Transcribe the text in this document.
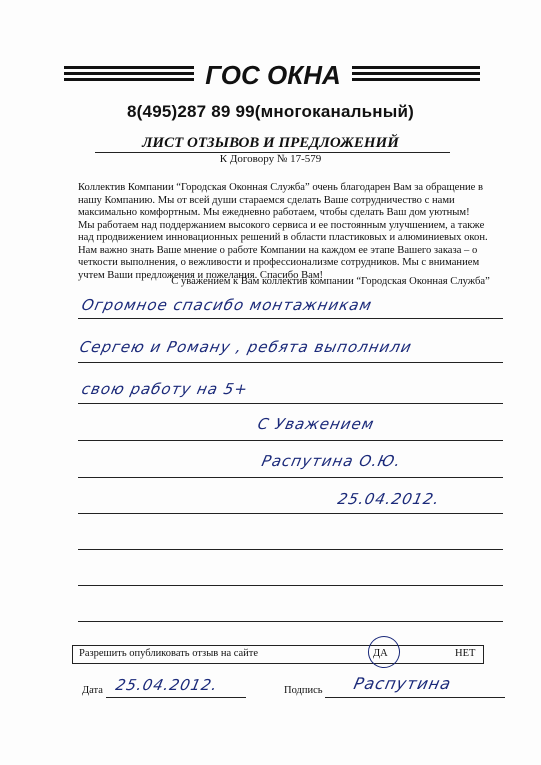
ГОС ОКНА
8(495)287 89 99(многоканальный)
ЛИСТ ОТЗЫВОВ И ПРЕДЛОЖЕНИЙ
К Договору № 17-579

Коллектив Компании “Городская Оконная Служба” очень благодарен Вам за обращение в

нашу Компанию. Мы от всей души стараемся сделать Ваше сотрудничество с нами

максимально комфортным. Мы ежедневно работаем, чтобы сделать Ваш дом уютным!

Мы работаем над поддержанием высокого сервиса и ее постоянным улучшением, а также

над продвижением инновационных решений в области пластиковых и алюминиевых окон.

Нам важно знать Ваше мнение о работе Компании на каждом ее этапе Вашего заказа – о

четкости выполнения, о вежливости и профессионализме сотрудников. Мы с вниманием

учтем Ваши предложения и пожелания. Спасибо Вам!

С уважением к Вам коллектив компании “Городская Оконная Служба”
Огромное спасибо монтажникам
Сергею и Роману , ребята выполнили
свою работу на 5+
С Уважением
Распутина О.Ю.
25.04.2012.
Разрешить опубликовать отзыв на сайте	ДА	НЕТ
Дата 25.04.2012.	Подпись Распутина
